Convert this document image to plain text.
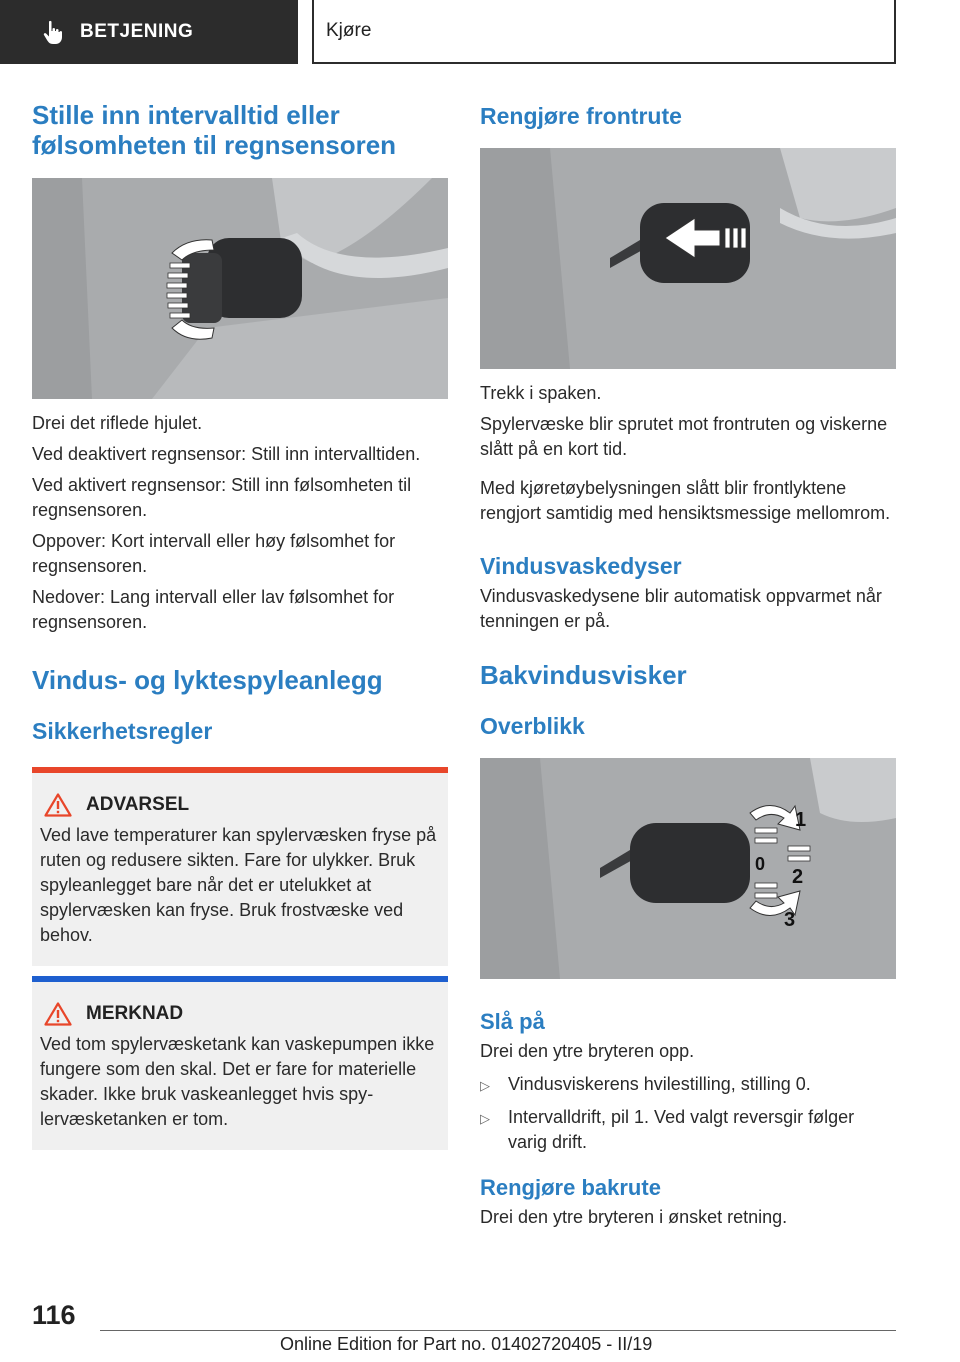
BETJENING	Kjøre
Stille inn intervalltid eller følsomheten til regnsensoren

Drei det riflede hjulet.

Ved deaktivert regnsensor: Still inn intervalltiden.

Ved aktivert regnsensor: Still inn følsomheten til regnsensoren.

Oppover: Kort intervall eller høy følsomhet for regnsensoren.

Nedover: Lang intervall eller lav følsomhet for regnsensoren.

Vindus- og lyktespyleanlegg
Sikkerhetsregler
ADVARSEL

Ved lave temperaturer kan spylervæsken fryse på ruten og redusere sikten. Fare for ulykker. Bruk spyleanlegget bare når det er utelukket at spylervæsken kan fryse. Bruk frostvæske ved behov.

MERKNAD

Ved tom spylervæsketank kan vaskepumpen ikke fungere som den skal. Det er fare for materielle skader. Ikke bruk vaskeanlegget hvis spylervæsketanken er tom.

Rengjøre frontrute

Trekk i spaken.

Spylervæske blir sprutet mot frontruten og viskerne slått på en kort tid.

Med kjøretøybelysningen slått blir frontlyktene rengjort samtidig med hensiktsmessige mellomrom.

Vindusvaskedyser

Vindusvaskedysene blir automatisk oppvarmet når tenningen er på.

Bakvindusvisker
Overblikk
1
0
2
3
Slå på

Drei den ytre bryteren opp.

▷	Vindusviskerens hvilestilling, stilling 0.
▷	Intervalldrift, pil 1. Ved valgt reversgir følger varig drift.
Rengjøre bakrute

Drei den ytre bryteren i ønsket retning.

116
Online Edition for Part no. 01402720405 - II/19
